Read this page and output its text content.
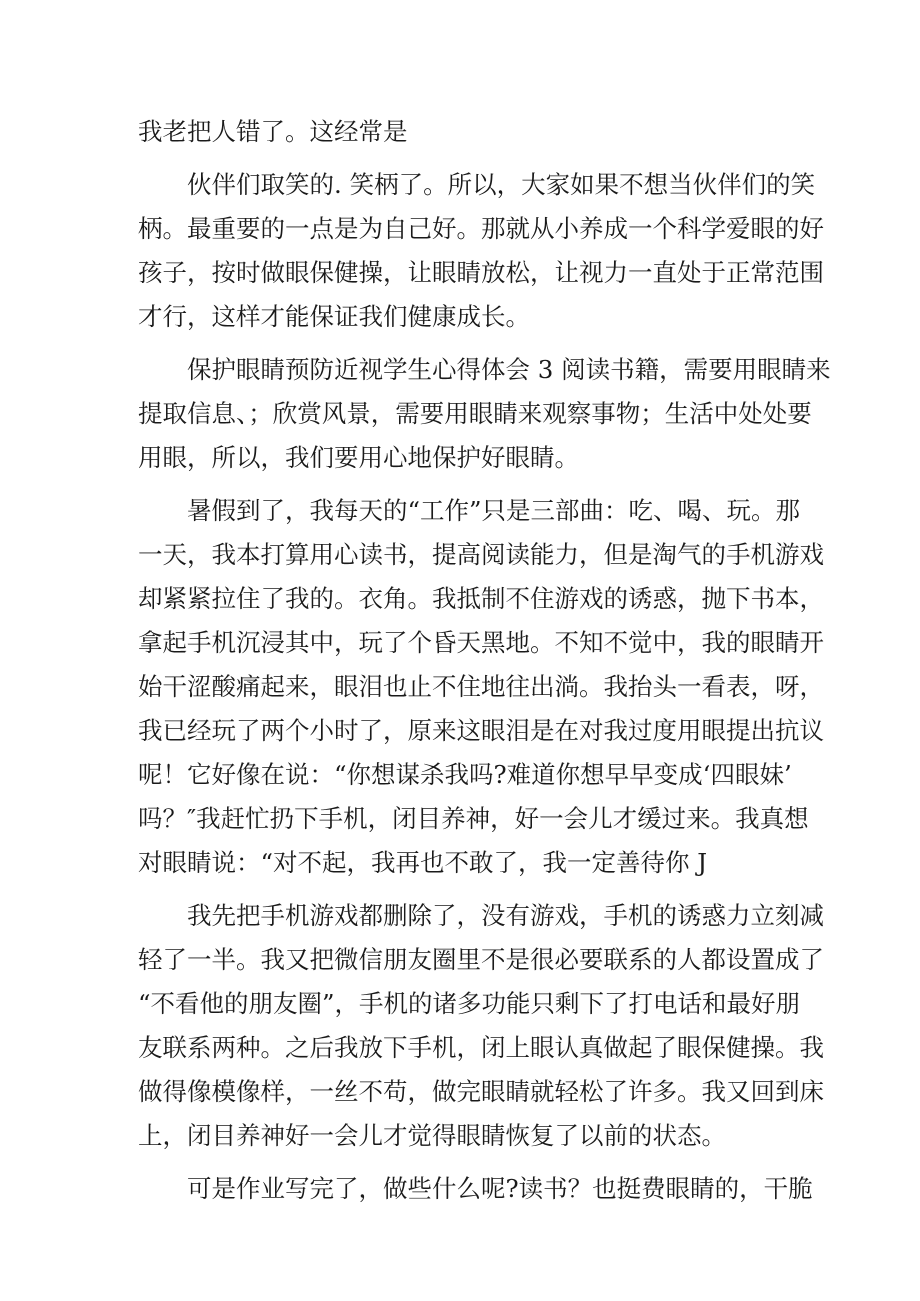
我老把人错了。这经常是
伙伴们取笑的. 笑柄了。所以，大家如果不想当伙伴们的笑
柄。最重要的一点是为自己好。那就从小养成一个科学爱眼的好
孩子，按时做眼保健操，让眼睛放松，让视力一直处于正常范围
才行，这样才能保证我们健康成长。
保护眼睛预防近视学生心得体会 3 阅读书籍，需要用眼睛来
提取信息、；欣赏风景，需要用眼睛来观察事物；生活中处处要
用眼，所以，我们要用心地保护好眼睛。
暑假到了，我每天的“工作”只是三部曲：吃、喝、玩。那
一天，我本打算用心读书，提高阅读能力，但是淘气的手机游戏
却紧紧拉住了我的。衣角。我抵制不住游戏的诱惑，抛下书本，
拿起手机沉浸其中，玩了个昏天黑地。不知不觉中，我的眼睛开
始干涩酸痛起来，眼泪也止不住地往出淌。我抬头一看表，呀，
我已经玩了两个小时了，原来这眼泪是在对我过度用眼提出抗议
呢！它好像在说：“你想谋杀我吗?难道你想早早变成‘四眼妹’
吗？″我赶忙扔下手机，闭目养神，好一会儿才缓过来。我真想
对眼睛说：“对不起，我再也不敢了，我一定善待你 J
我先把手机游戏都删除了，没有游戏，手机的诱惑力立刻减
轻了一半。我又把微信朋友圈里不是很必要联系的人都设置成了
“不看他的朋友圈”，手机的诸多功能只剩下了打电话和最好朋
友联系两种。之后我放下手机，闭上眼认真做起了眼保健操。我
做得像模像样，一丝不苟，做完眼睛就轻松了许多。我又回到床
上，闭目养神好一会儿才觉得眼睛恢复了以前的状态。
可是作业写完了，做些什么呢?读书？也挺费眼睛的，干脆
